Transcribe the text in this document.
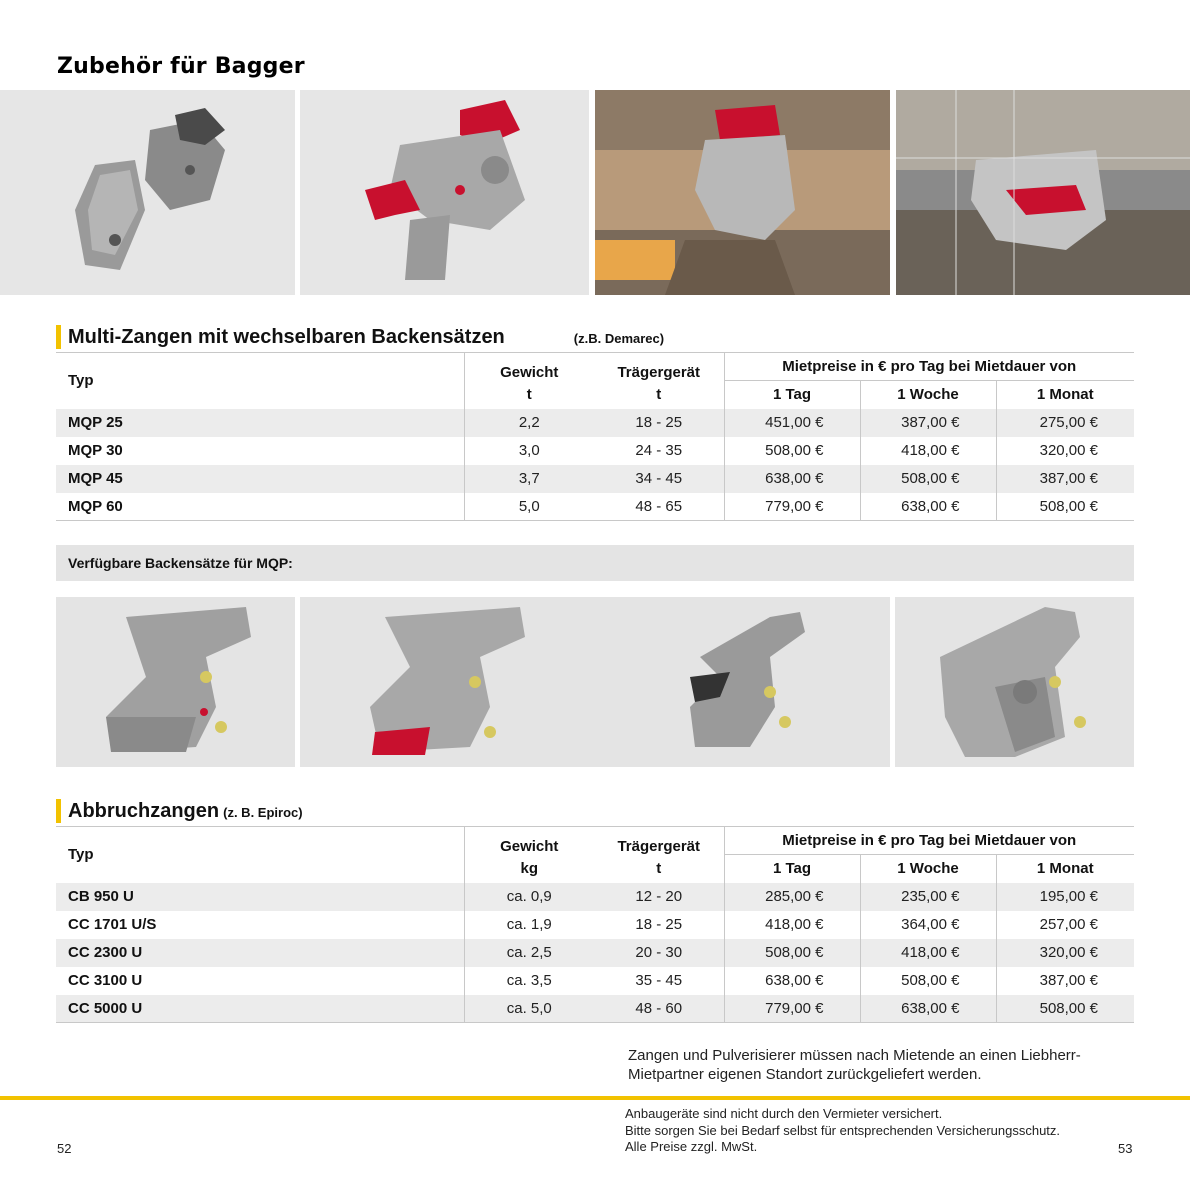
Zubehör für Bagger
Multi-Zangen mit wechselbaren Backensätzen	(z.B. Demarec)
Typ	Gewicht	Trägergerät	Mietpreise in € pro Tag bei Mietdauer von		
	t	t	1 Tag	1 Woche	1 Monat
MQP 25	2,2	18 - 25	451,00 €	387,00 €	275,00 €
MQP 30	3,0	24 - 35	508,00 €	418,00 €	320,00 €
MQP 45	3,7	34 - 45	638,00 €	508,00 €	387,00 €
MQP 60	5,0	48 - 65	779,00 €	638,00 €	508,00 €
Verfügbare Backensätze für MQP:
Abbruchzangen (z. B. Epiroc)
Typ	Gewicht	Trägergerät	Mietpreise in € pro Tag bei Mietdauer von		
	kg	t	1 Tag	1 Woche	1 Monat
CB 950 U	ca. 0,9	12 - 20	285,00 €	235,00 €	195,00 €
CC 1701 U/S	ca. 1,9	18 - 25	418,00 €	364,00 €	257,00 €
CC 2300 U	ca. 2,5	20 - 30	508,00 €	418,00 €	320,00 €
CC 3100 U	ca. 3,5	35 - 45	638,00 €	508,00 €	387,00 €
CC 5000 U	ca. 5,0	48 - 60	779,00 €	638,00 €	508,00 €
Zangen und Pulverisierer müssen nach Mietende an einen Liebherr-
Mietpartner eigenen Standort zurückgeliefert werden.
Anbaugeräte sind nicht durch den Vermieter versichert.
Bitte sorgen Sie bei Bedarf selbst für entsprechenden Versicherungsschutz.
Alle Preise zzgl. MwSt.
52	53
